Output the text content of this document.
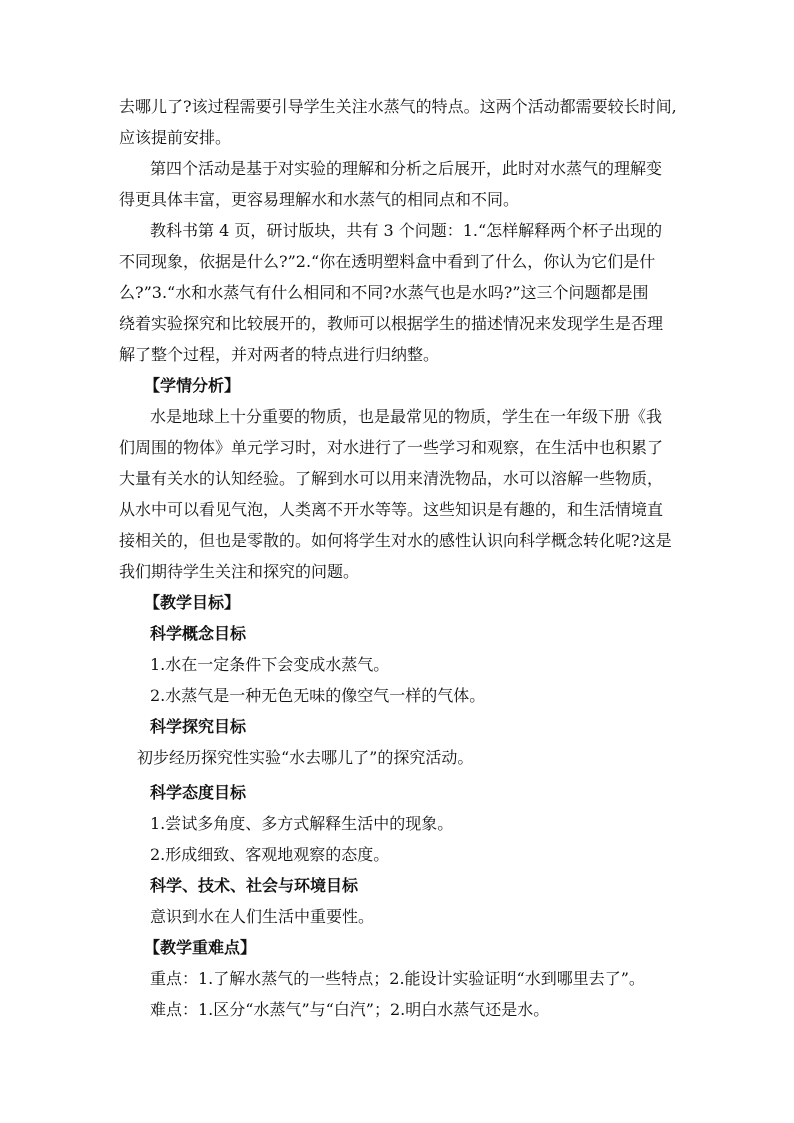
去哪儿了?该过程需要引导学生关注水蒸气的特点。这两个活动都需要较长时间,
应该提前安排。
第四个活动是基于对实验的理解和分析之后展开，此时对水蒸气的理解变
得更具体丰富，更容易理解水和水蒸气的相同点和不同。
教科书第 4 页，研讨版块，共有 3 个问题：1.“怎样解释两个杯子出现的
不同现象，依据是什么?”2.“你在透明塑料盒中看到了什么，你认为它们是什
么?”3.“水和水蒸气有什么相同和不同?水蒸气也是水吗?”这三个问题都是围
绕着实验探究和比较展开的，教师可以根据学生的描述情况来发现学生是否理
解了整个过程，并对两者的特点进行归纳整。
【学情分析】
水是地球上十分重要的物质，也是最常见的物质，学生在一年级下册《我
们周围的物体》单元学习时，对水进行了一些学习和观察，在生活中也积累了
大量有关水的认知经验。了解到水可以用来清洗物品，水可以溶解一些物质，
从水中可以看见气泡，人类离不开水等等。这些知识是有趣的，和生活情境直
接相关的，但也是零散的。如何将学生对水的感性认识向科学概念转化呢?这是
我们期待学生关注和探究的问题。
【教学目标】
科学概念目标
1.水在一定条件下会变成水蒸气。
2.水蒸气是一种无色无味的像空气一样的气体。
科学探究目标
初步经历探究性实验“水去哪儿了”的探究活动。
科学态度目标
1.尝试多角度、多方式解释生活中的现象。
2.形成细致、客观地观察的态度。
科学、技术、社会与环境目标
意识到水在人们生活中重要性。
【教学重难点】
重点：1.了解水蒸气的一些特点；2.能设计实验证明“水到哪里去了”。
难点：1.区分“水蒸气”与“白汽”；2.明白水蒸气还是水。
